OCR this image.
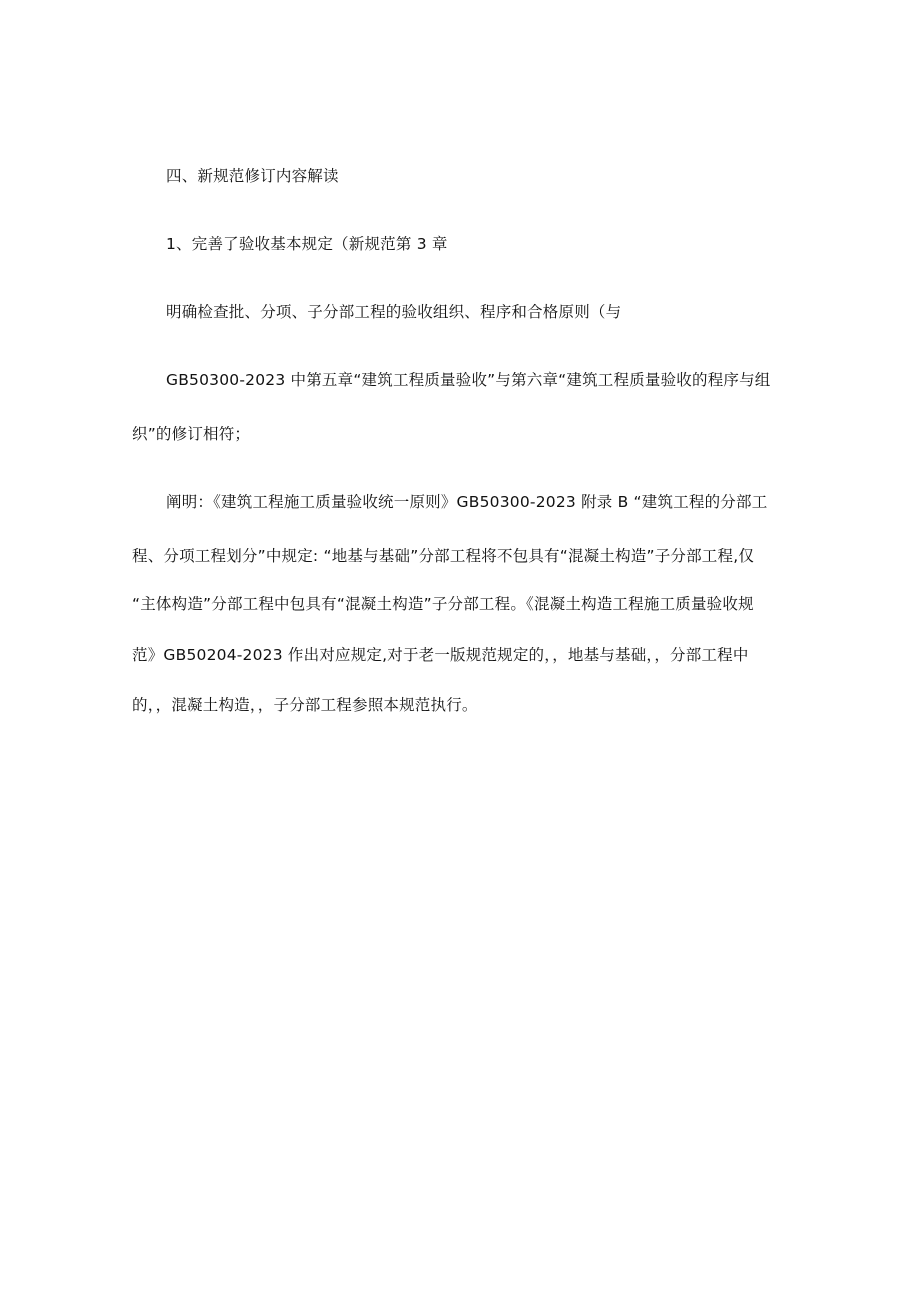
四、新规范修订内容解读
1、完善了验收基本规定（新规范第 3 章
明确检查批、分项、子分部工程的验收组织、程序和合格原则（与
GB50300-2023 中第五章“建筑工程质量验收”与第六章“建筑工程质量验收的程序与组
织”的修订相符；
阐明：《建筑工程施工质量验收统一原则》GB50300-2023 附录 B “建筑工程的分部工
程、分项工程划分”中规定: “地基与基础”分部工程将不包具有“混凝土构造”子分部工程,仅
“主体构造”分部工程中包具有“混凝土构造”子分部工程。《混凝土构造工程施工质量验收规
范》GB50204-2023 作出对应规定,对于老一版规范规定的，，地基与基础，，分部工程中
的，，混凝土构造，，子分部工程参照本规范执行。
